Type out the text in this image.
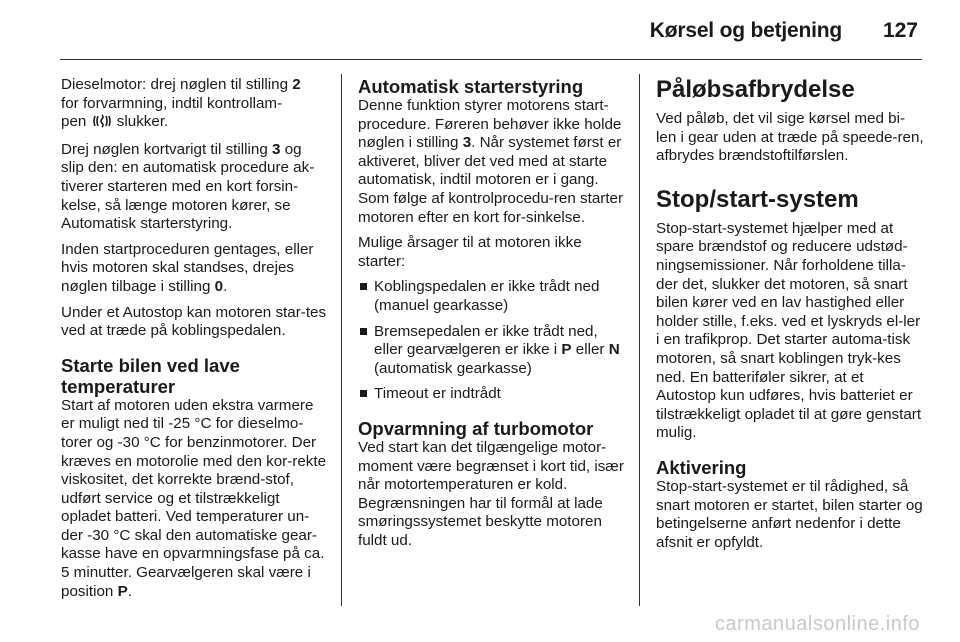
Kørsel og betjening 127

Dieselmotor: drej nøglen til stilling 2
for forvarmning, indtil kontrollam-
pen  slukker.

Drej nøglen kortvarigt til stilling 3 og slip den: en automatisk procedure ak-tiverer starteren med en kort forsin-kelse, så længe motoren kører, se Automatisk starterstyring.

Inden startproceduren gentages, eller hvis motoren skal standses, drejes nøglen tilbage i stilling 0.

Under et Autostop kan motoren star-tes ved at træde på koblingspedalen.

Starte bilen ved lave
temperaturer

Start af motoren uden ekstra varmere er muligt ned til -25 °C for dieselmo-torer og -30 °C for benzinmotorer. Der kræves en motorolie med den kor-rekte viskositet, det korrekte brænd-stof, udført service og et tilstrækkeligt opladet batteri. Ved temperaturer un-der -30 °C skal den automatiske gear-kasse have en opvarmningsfase på ca. 5 minutter. Gearvælgeren skal være i position P.

Automatisk starterstyring

Denne funktion styrer motorens start-procedure. Føreren behøver ikke holde nøglen i stilling 3. Når systemet først er aktiveret, bliver det ved med at starte automatisk, indtil motoren er i gang. Som følge af kontrolprocedu-ren starter motoren efter en kort for-sinkelse.

Mulige årsager til at motoren ikke starter:

Koblingspedalen er ikke trådt ned (manuel gearkasse)
Bremsepedalen er ikke trådt ned, eller gearvælgeren er ikke i P eller N (automatisk gearkasse)
Timeout er indtrådt
Opvarmning af turbomotor

Ved start kan det tilgængelige motor-moment være begrænset i kort tid, især når motortemperaturen er kold. Begrænsningen har til formål at lade smøringssystemet beskytte motoren fuldt ud.

Påløbsafbrydelse

Ved påløb, det vil sige kørsel med bi-len i gear uden at træde på speede-ren, afbrydes brændstoftilførslen.

Stop/start-system

Stop-start-systemet hjælper med at spare brændstof og reducere udstød-ningsemissioner. Når forholdene tilla-der det, slukker det motoren, så snart bilen kører ved en lav hastighed eller holder stille, f.eks. ved et lyskryds el-ler i en trafikprop. Det starter automa-tisk motoren, så snart koblingen tryk-kes ned. En batteriføler sikrer, at et Autostop kun udføres, hvis batteriet er tilstrækkeligt opladet til at gøre genstart mulig.

Aktivering

Stop-start-systemet er til rådighed, så snart motoren er startet, bilen starter og betingelserne anført nedenfor i dette afsnit er opfyldt.

carmanualsonline.info
